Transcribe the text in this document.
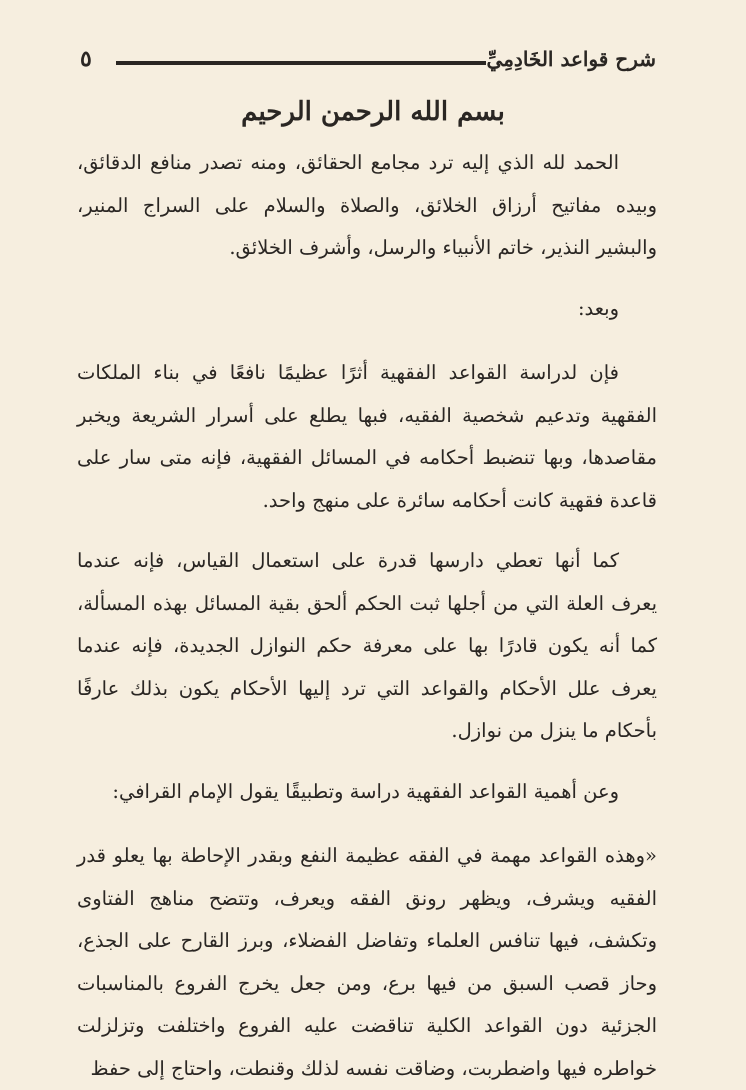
٥	شرح قواعد الخَادِمِيِّ
بسم الله الرحمن الرحيم

الحمد لله الذي إليه ترد مجامع الحقائق، ومنه تصدر منافع الدقائق، وبيده مفاتيح أرزاق الخلائق، والصلاة والسلام على السراج المنير، والبشير النذير، خاتم الأنبياء والرسل، وأشرف الخلائق.

وبعد:

فإن لدراسة القواعد الفقهية أثرًا عظيمًا نافعًا في بناء الملكات الفقهية وتدعيم شخصية الفقيه، فبها يطلع على أسرار الشريعة ويخبر مقاصدها، وبها تنضبط أحكامه في المسائل الفقهية، فإنه متى سار على قاعدة فقهية كانت أحكامه سائرة على منهج واحد.

كما أنها تعطي دارسها قدرة على استعمال القياس، فإنه عندما يعرف العلة التي من أجلها ثبت الحكم ألحق بقية المسائل بهذه المسألة، كما أنه يكون قادرًا بها على معرفة حكم النوازل الجديدة، فإنه عندما يعرف علل الأحكام والقواعد التي ترد إليها الأحكام يكون بذلك عارفًا بأحكام ما ينزل من نوازل.

وعن أهمية القواعد الفقهية دراسة وتطبيقًا يقول الإمام القرافي:

«وهذه القواعد مهمة في الفقه عظيمة النفع وبقدر الإحاطة بها يعلو قدر الفقيه ويشرف، ويظهر رونق الفقه ويعرف، وتتضح مناهج الفتاوى وتكشف، فيها تنافس العلماء وتفاضل الفضلاء، وبرز القارح على الجذع، وحاز قصب السبق من فيها برع، ومن جعل يخرج الفروع بالمناسبات الجزئية دون القواعد الكلية تناقضت عليه الفروع واختلفت وتزلزلت خواطره فيها واضطربت، وضاقت نفسه لذلك وقنطت، واحتاج إلى حفظ
